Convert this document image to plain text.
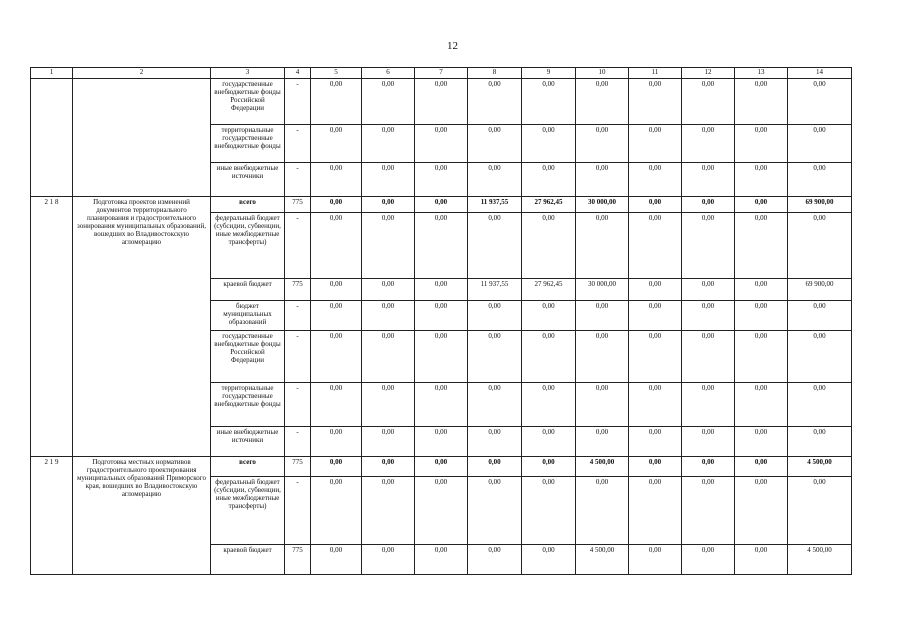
12
1	2	3	4	5	6	7	8	9	10	11	12	13	14
		государственные внебюджетные фонды Российской Федерации	-	0,00	0,00	0,00	0,00	0,00	0,00	0,00	0,00	0,00	0,00
		территориальные государственные внебюджетные фонды	-	0,00	0,00	0,00	0,00	0,00	0,00	0,00	0,00	0,00	0,00
		иные внебюджетные источники	-	0,00	0,00	0,00	0,00	0,00	0,00	0,00	0,00	0,00	0,00
2 1 8	Подготовка проектов изменений документов территориального планирования и градостроительного зонирования муниципальных образований, вошедших во Владивостокскую агломерацию	всего	775	0,00	0,00	0,00	11 937,55	27 962,45	30 000,00	0,00	0,00	0,00	69 900,00
		федеральный бюджет (субсидии, субвенции, иные межбюджетные трансферты)	-	0,00	0,00	0,00	0,00	0,00	0,00	0,00	0,00	0,00	0,00
		краевой бюджет	775	0,00	0,00	0,00	11 937,55	27 962,45	30 000,00	0,00	0,00	0,00	69 900,00
		бюджет муниципальных образований	-	0,00	0,00	0,00	0,00	0,00	0,00	0,00	0,00	0,00	0,00
		государственные внебюджетные фонды Российской Федерации	-	0,00	0,00	0,00	0,00	0,00	0,00	0,00	0,00	0,00	0,00
		территориальные государственные внебюджетные фонды	-	0,00	0,00	0,00	0,00	0,00	0,00	0,00	0,00	0,00	0,00
		иные внебюджетные источники	-	0,00	0,00	0,00	0,00	0,00	0,00	0,00	0,00	0,00	0,00
2 1 9	Подготовка местных нормативов градостроительного проектирования муниципальных образований Приморского края, вошедших во Владивостокскую агломерацию	всего	775	0,00	0,00	0,00	0,00	0,00	4 500,00	0,00	0,00	0,00	4 500,00
		федеральный бюджет (субсидии, субвенции, иные межбюджетные трансферты)	-	0,00	0,00	0,00	0,00	0,00	0,00	0,00	0,00	0,00	0,00
		краевой бюджет	775	0,00	0,00	0,00	0,00	0,00	4 500,00	0,00	0,00	0,00	4 500,00
